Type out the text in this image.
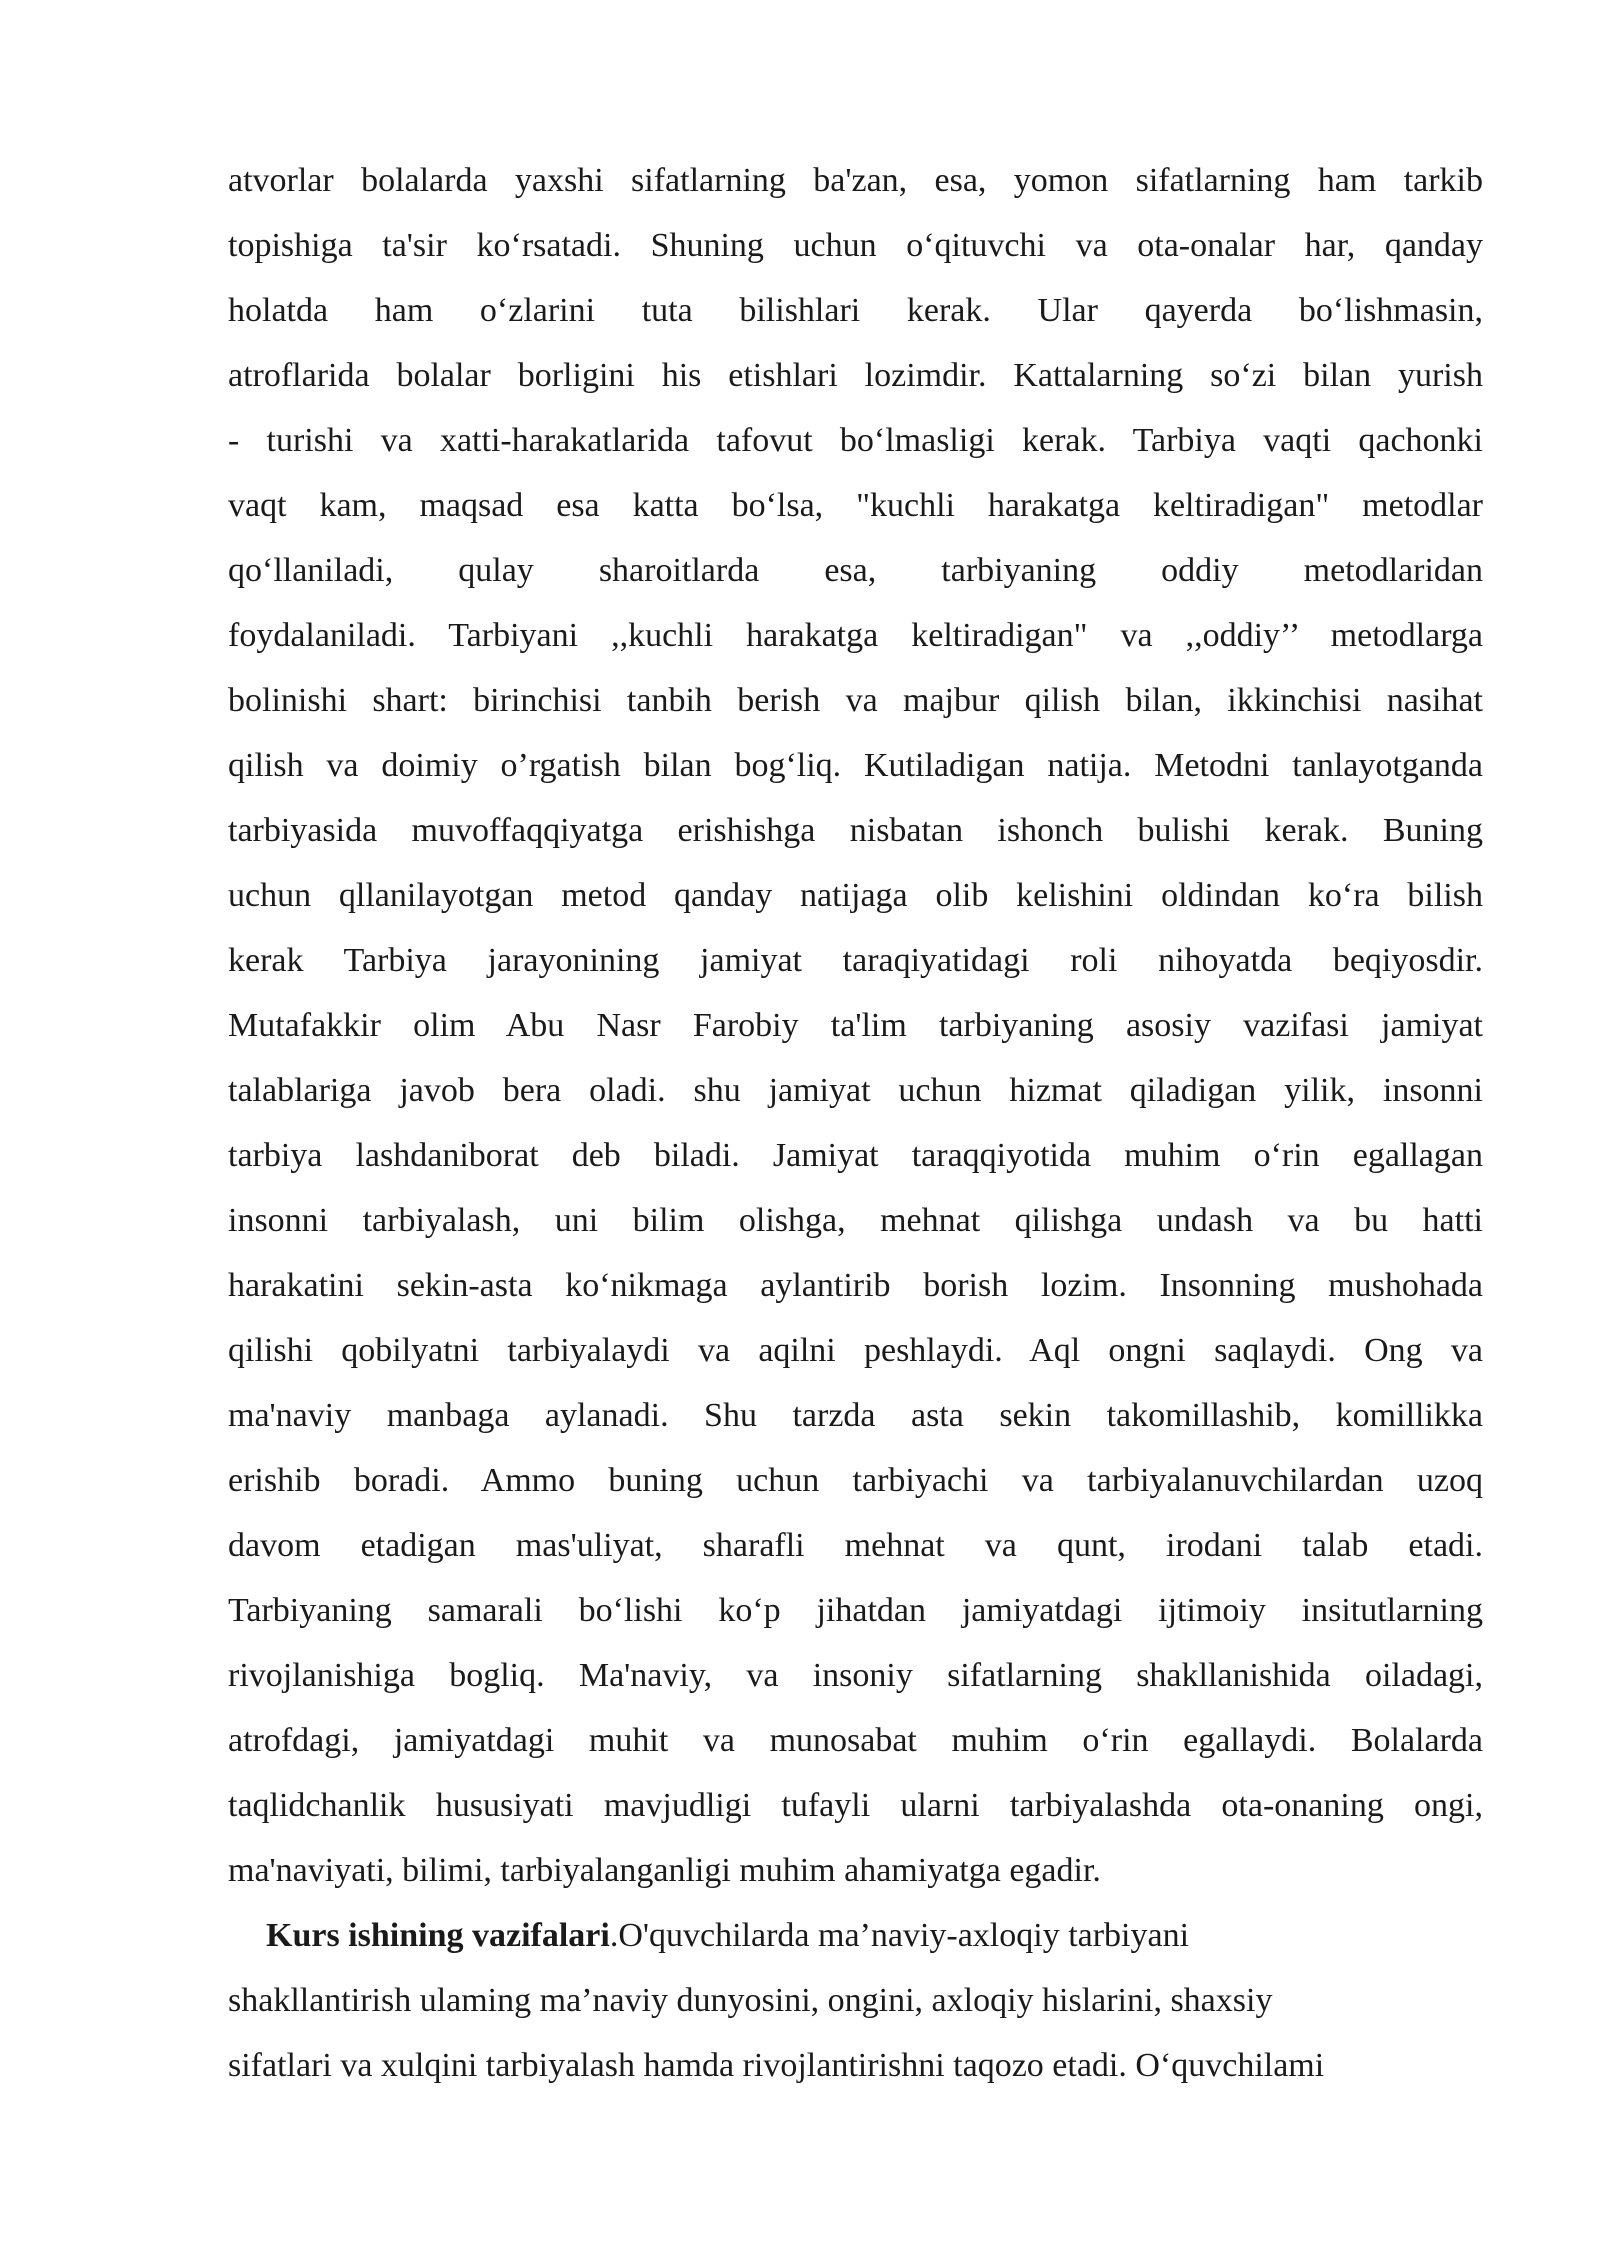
atvorlar bolalarda yaxshi sifatlarning ba'zan, esa, yomon sifatlarning ham tarkib
topishiga ta'sir ko‘rsatadi. Shuning uchun o‘qituvchi va ota-onalar har, qanday
holatda ham o‘zlarini tuta bilishlari kerak. Ular qayerda bo‘lishmasin,
atroflarida bolalar borligini his etishlari lozimdir. Kattalarning so‘zi bilan yurish
- turishi va xatti-harakatlarida tafovut bo‘lmasligi kerak. Tarbiya vaqti qachonki
vaqt kam, maqsad esa katta bo‘lsa, "kuchli harakatga keltiradigan" metodlar
qo‘llaniladi, qulay sharoitlarda esa, tarbiyaning oddiy metodlaridan
foydalaniladi. Tarbiyani ,,kuchli harakatga keltiradigan" va ,,oddiy’’ metodlarga
bolinishi shart: birinchisi tanbih berish va majbur qilish bilan, ikkinchisi nasihat
qilish va doimiy o’rgatish bilan bog‘liq. Kutiladigan natija. Metodni tanlayotganda
tarbiyasida muvoffaqqiyatga erishishga nisbatan ishonch bulishi kerak. Buning
uchun qllanilayotgan metod qanday natijaga olib kelishini oldindan ko‘ra bilish
kerak Tarbiya jarayonining jamiyat taraqiyatidagi roli nihoyatda beqiyosdir.
Mutafakkir olim Abu Nasr Farobiy ta'lim tarbiyaning asosiy vazifasi jamiyat
talablariga javob bera oladi. shu jamiyat uchun hizmat qiladigan yilik, insonni
tarbiya lashdaniborat deb biladi. Jamiyat taraqqiyotida muhim o‘rin egallagan
insonni tarbiyalash, uni bilim olishga, mehnat qilishga undash va bu hatti
harakatini sekin-asta ko‘nikmaga aylantirib borish lozim. Insonning mushohada
qilishi qobilyatni tarbiyalaydi va aqilni peshlaydi. Aql ongni saqlaydi. Ong va
ma'naviy manbaga aylanadi. Shu tarzda asta sekin takomillashib, komillikka
erishib boradi. Ammo buning uchun tarbiyachi va tarbiyalanuvchilardan uzoq
davom etadigan mas'uliyat, sharafli mehnat va qunt, irodani talab etadi.
Tarbiyaning samarali bo‘lishi ko‘p jihatdan jamiyatdagi ijtimoiy insitutlarning
rivojlanishiga bogliq. Ma'naviy, va insoniy sifatlarning shakllanishida oiladagi,
atrofdagi, jamiyatdagi muhit va munosabat muhim o‘rin egallaydi. Bolalarda
taqlidchanlik hususiyati mavjudligi tufayli ularni tarbiyalashda ota-onaning ongi,
ma'naviyati, bilimi, tarbiyalanganligi muhim ahamiyatga egadir.
Kurs ishining vazifalari.O'quvchilarda ma’naviy-axloqiy tarbiyani
shakllantirish ulaming ma’naviy dunyosini, ongini, axloqiy hislarini, shaxsiy
sifatlari va xulqini tarbiyalash hamda rivojlantirishni taqozo etadi. O‘quvchilami
